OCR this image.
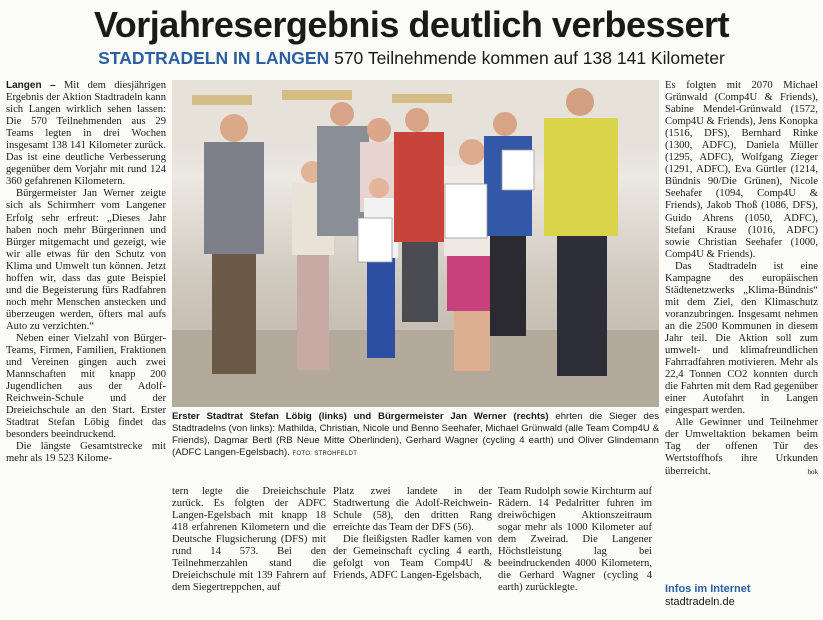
Vorjahresergebnis deutlich verbessert
STADTRADELN IN LANGEN 570 Teilnehmende kommen auf 138 141 Kilometer

Langen – Mit dem diesjährigen Ergebnis der Aktion Stadtradeln kann sich Langen wirklich sehen lassen: Die 570 Teilnehmenden aus 29 Teams legten in drei Wochen insgesamt 138 141 Kilometer zurück. Das ist eine deutliche Verbesserung gegenüber dem Vorjahr mit rund 124 360 gefahrenen Kilometern.

Bürgermeister Jan Werner zeigte sich als Schirmherr vom Langener Erfolg sehr erfreut: „Dieses Jahr haben noch mehr Bürgerinnen und Bürger mitgemacht und gezeigt, wie wir alle etwas für den Schutz von Klima und Umwelt tun können. Jetzt hoffen wir, dass das gute Beispiel und die Begeisterung fürs Radfahren noch mehr Menschen anstecken und überzeugen werden, öfters mal aufs Auto zu verzichten.“

Neben einer Vielzahl von Bürger-Teams, Firmen, Familien, Fraktionen und Vereinen gingen auch zwei Mannschaften mit knapp 200 Jugendlichen aus der Adolf-Reichwein-Schule und der Dreieichschule an den Start. Erster Stadtrat Stefan Löbig findet das besonders beeindruckend.

Die längste Gesamtstrecke mit mehr als 19 523 Kilome-

Erster Stadtrat Stefan Löbig (links) und Bürgermeister Jan Werner (rechts) ehrten die Sieger des Stadtradelns (von links): Mathilda, Christian, Nicole und Benno Seehafer, Michael Grünwald (alle Team Comp4U & Friends), Dagmar Bertl (RB Neue Mitte Oberlinden), Gerhard Wagner (cycling 4 earth) und Oliver Glindemann (ADFC Langen-Egelsbach). FOTO: STROHFELDT

tern legte die Dreieichschule zurück. Es folgten der ADFC Langen-Egelsbach mit knapp 18 418 erfahrenen Kilometern und die Deutsche Flugsicherung (DFS) mit rund 14 573. Bei den Teilnehmerzahlen stand die Dreieichschule mit 139 Fahrern auf dem Siegertreppchen, auf

Platz zwei landete in der Stadtwertung die Adolf-Reichwein-Schule (58), den dritten Rang erreichte das Team der DFS (56).

Die fleißigsten Radler kamen von der Gemeinschaft cycling 4 earth, gefolgt von Team Comp4U & Friends, ADFC Langen-Egelsbach,

Team Rudolph sowie Kirchturm auf Rädern. 14 Pedalritter fuhren im dreiwöchigen Aktionszeitraum sogar mehr als 1000 Kilometer auf dem Zweirad. Die Langener Höchstleistung lag bei beeindruckenden 4000 Kilometern, die Gerhard Wagner (cycling 4 earth) zurücklegte.

Es folgten mit 2070 Michael Grünwald (Comp4U & Friends), Sabine Mendel-Grünwald (1572, Comp4U & Friends), Jens Konopka (1516, DFS), Bernhard Rinke (1300, ADFC), Daniela Müller (1295, ADFC), Wolfgang Zieger (1291, ADFC), Eva Gürtler (1214, Bündnis 90/Die Grünen), Nicole Seehafer (1094, Comp4U & Friends), Jakob Thoß (1086, DFS), Guido Ahrens (1050, ADFC), Stefani Krause (1016, ADFC) sowie Christian Seehafer (1000, Comp4U & Friends).

Das Stadtradeln ist eine Kampagne des europäischen Städtenetzwerks „Klima-Bündnis“ mit dem Ziel, den Klimaschutz voranzubringen. Insgesamt nehmen an die 2500 Kommunen in diesem Jahr teil. Die Aktion soll zum umwelt- und klimafreundlichen Fahrradfahren motivieren. Mehr als 22,4 Tonnen CO2 konnten durch die Fahrten mit dem Rad gegenüber einer Autofahrt in Langen eingespart werden.

Alle Gewinner und Teilnehmer der Umweltaktion bekamen beim Tag der offenen Tür des Wertstoffhofs ihre Urkunden überreicht.	hok

Infos im Internet
stadtradeln.de
